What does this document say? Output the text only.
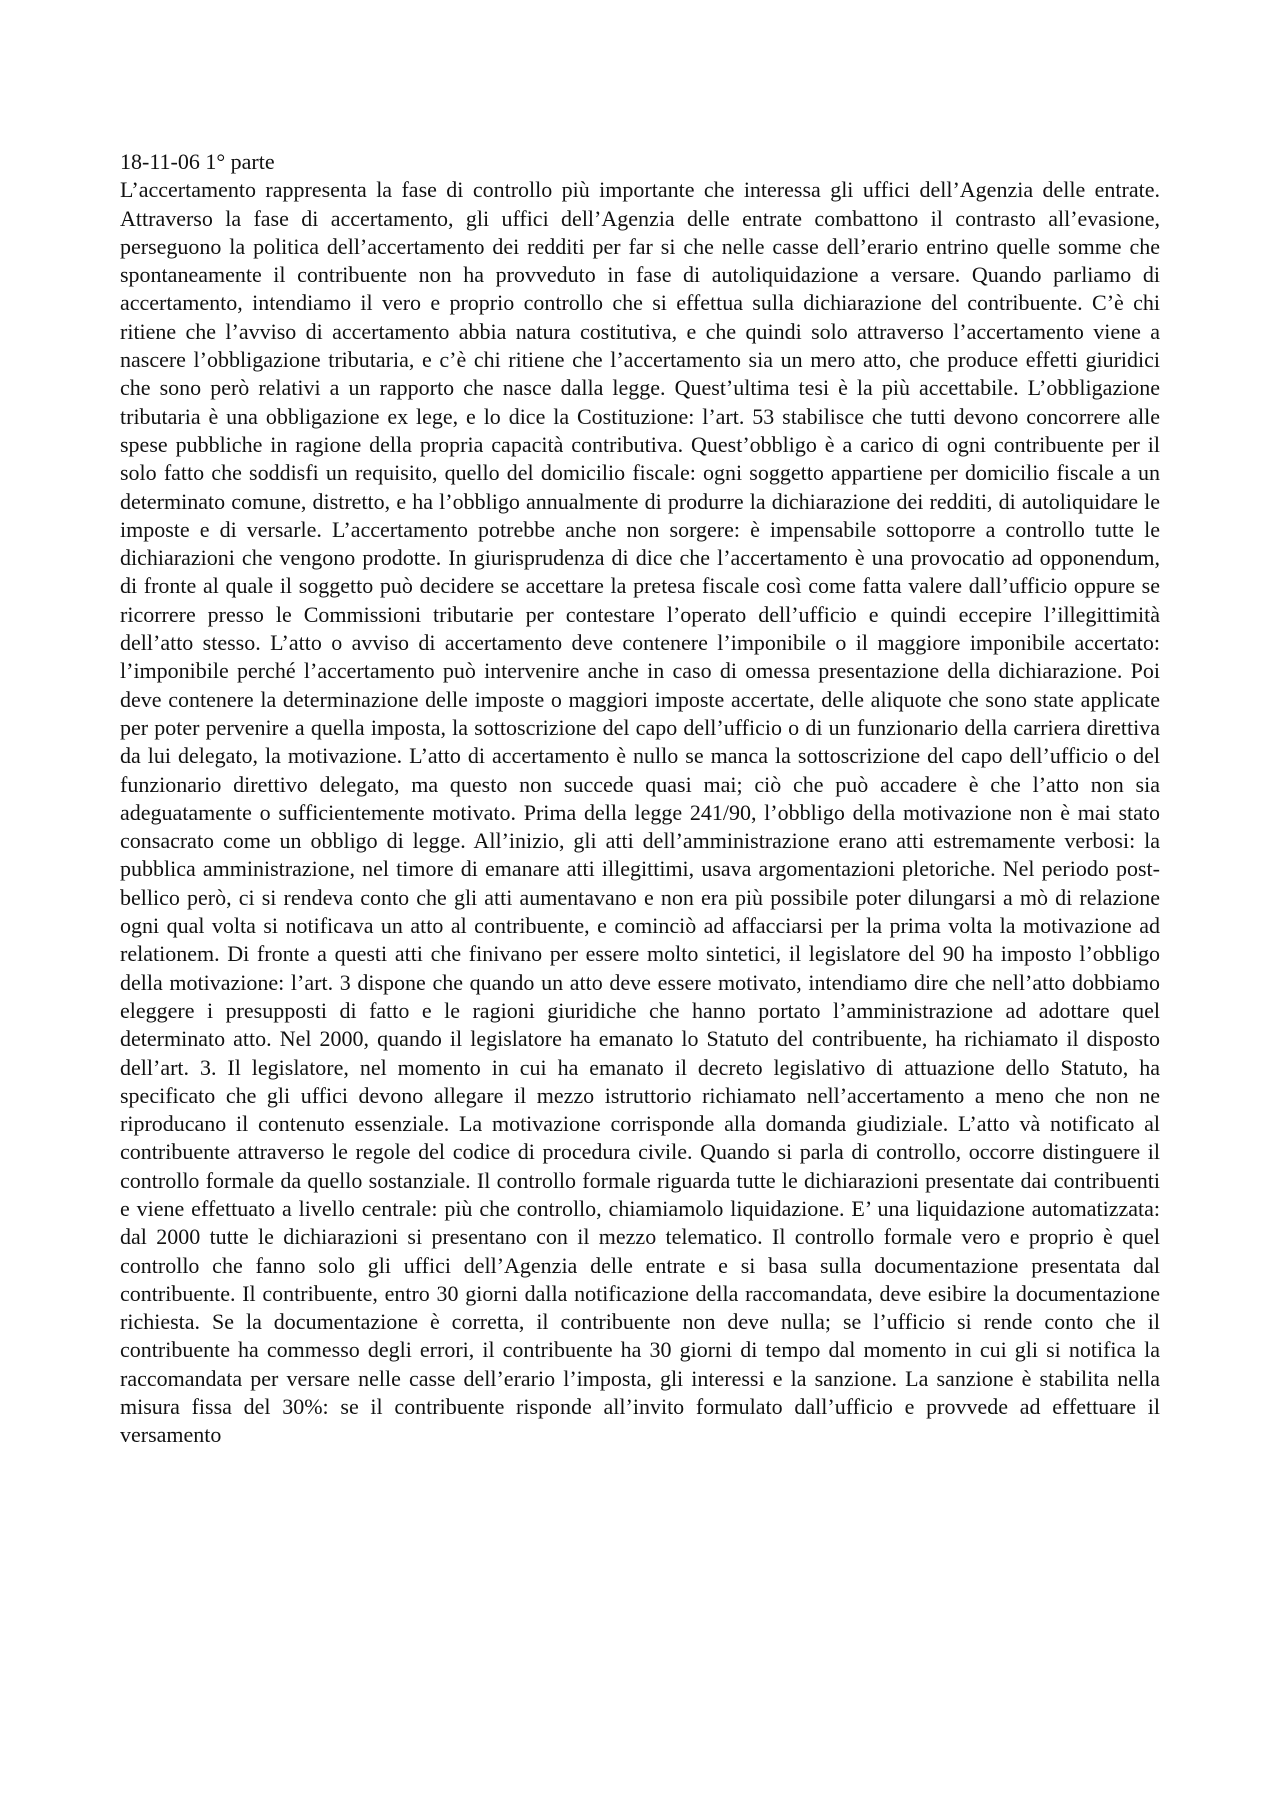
18-11-06 1° parte
L’accertamento rappresenta la fase di controllo più importante che interessa gli uffici dell’Agenzia delle entrate. Attraverso la fase di accertamento, gli uffici dell’Agenzia delle entrate combattono il contrasto all’evasione, perseguono la politica dell’accertamento dei redditi per far si che nelle casse dell’erario entrino quelle somme che spontaneamente il contribuente non ha provveduto in fase di autoliquidazione a versare. Quando parliamo di accertamento, intendiamo il vero e proprio controllo che si effettua sulla dichiarazione del contribuente. C’è chi ritiene che l’avviso di accertamento abbia natura costitutiva, e che quindi solo attraverso l’accertamento viene a nascere l’obbligazione tributaria, e c’è chi ritiene che l’accertamento sia un mero atto, che produce effetti giuridici che sono però relativi a un rapporto che nasce dalla legge. Quest’ultima tesi è la più accettabile. L’obbligazione tributaria è una obbligazione ex lege, e lo dice la Costituzione: l’art. 53 stabilisce che tutti devono concorrere alle spese pubbliche in ragione della propria capacità contributiva. Quest’obbligo è a carico di ogni contribuente per il solo fatto che soddisfi un requisito, quello del domicilio fiscale: ogni soggetto appartiene per domicilio fiscale a un determinato comune, distretto, e ha l’obbligo annualmente di produrre la dichiarazione dei redditi, di autoliquidare le imposte e di versarle. L’accertamento potrebbe anche non sorgere: è impensabile sottoporre a controllo tutte le dichiarazioni che vengono prodotte. In giurisprudenza di dice che l’accertamento è una provocatio ad opponendum, di fronte al quale il soggetto può decidere se accettare la pretesa fiscale così come fatta valere dall’ufficio oppure se ricorrere presso le Commissioni tributarie per contestare l’operato dell’ufficio e quindi eccepire l’illegittimità dell’atto stesso. L’atto o avviso di accertamento deve contenere l’imponibile o il maggiore imponibile accertato: l’imponibile perché l’accertamento può intervenire anche in caso di omessa presentazione della dichiarazione. Poi deve contenere la determinazione delle imposte o maggiori imposte accertate, delle aliquote che sono state applicate per poter pervenire a quella imposta, la sottoscrizione del capo dell’ufficio o di un funzionario della carriera direttiva da lui delegato, la motivazione. L’atto di accertamento è nullo se manca la sottoscrizione del capo dell’ufficio o del funzionario direttivo delegato, ma questo non succede quasi mai; ciò che può accadere è che l’atto non sia adeguatamente o sufficientemente motivato. Prima della legge 241/90, l’obbligo della motivazione non è mai stato consacrato come un obbligo di legge. All’inizio, gli atti dell’amministrazione erano atti estremamente verbosi: la pubblica amministrazione, nel timore di emanare atti illegittimi, usava argomentazioni pletoriche. Nel periodo post-bellico però, ci si rendeva conto che gli atti aumentavano e non era più possibile poter dilungarsi a mò di relazione ogni qual volta si notificava un atto al contribuente, e cominciò ad affacciarsi per la prima volta la motivazione ad relationem. Di fronte a questi atti che finivano per essere molto sintetici, il legislatore del 90 ha imposto l’obbligo della motivazione: l’art. 3 dispone che quando un atto deve essere motivato, intendiamo dire che nell’atto dobbiamo eleggere i presupposti di fatto e le ragioni giuridiche che hanno portato l’amministrazione ad adottare quel determinato atto. Nel 2000, quando il legislatore ha emanato lo Statuto del contribuente, ha richiamato il disposto dell’art. 3. Il legislatore, nel momento in cui ha emanato il decreto legislativo di attuazione dello Statuto, ha specificato che gli uffici devono allegare il mezzo istruttorio richiamato nell’accertamento a meno che non ne riproducano il contenuto essenziale. La motivazione corrisponde alla domanda giudiziale. L’atto và notificato al contribuente attraverso le regole del codice di procedura civile. Quando si parla di controllo, occorre distinguere il controllo formale da quello sostanziale. Il controllo formale riguarda tutte le dichiarazioni presentate dai contribuenti e viene effettuato a livello centrale: più che controllo, chiamiamolo liquidazione. E’ una liquidazione automatizzata: dal 2000 tutte le dichiarazioni si presentano con il mezzo telematico. Il controllo formale vero e proprio è quel controllo che fanno solo gli uffici dell’Agenzia delle entrate e si basa sulla documentazione presentata dal contribuente. Il contribuente, entro 30 giorni dalla notificazione della raccomandata, deve esibire la documentazione richiesta. Se la documentazione è corretta, il contribuente non deve nulla; se l’ufficio si rende conto che il contribuente ha commesso degli errori, il contribuente ha 30 giorni di tempo dal momento in cui gli si notifica la raccomandata per versare nelle casse dell’erario l’imposta, gli interessi e la sanzione. La sanzione è stabilita nella misura fissa del 30%: se il contribuente risponde all’invito formulato dall’ufficio e provvede ad effettuare il versamento
